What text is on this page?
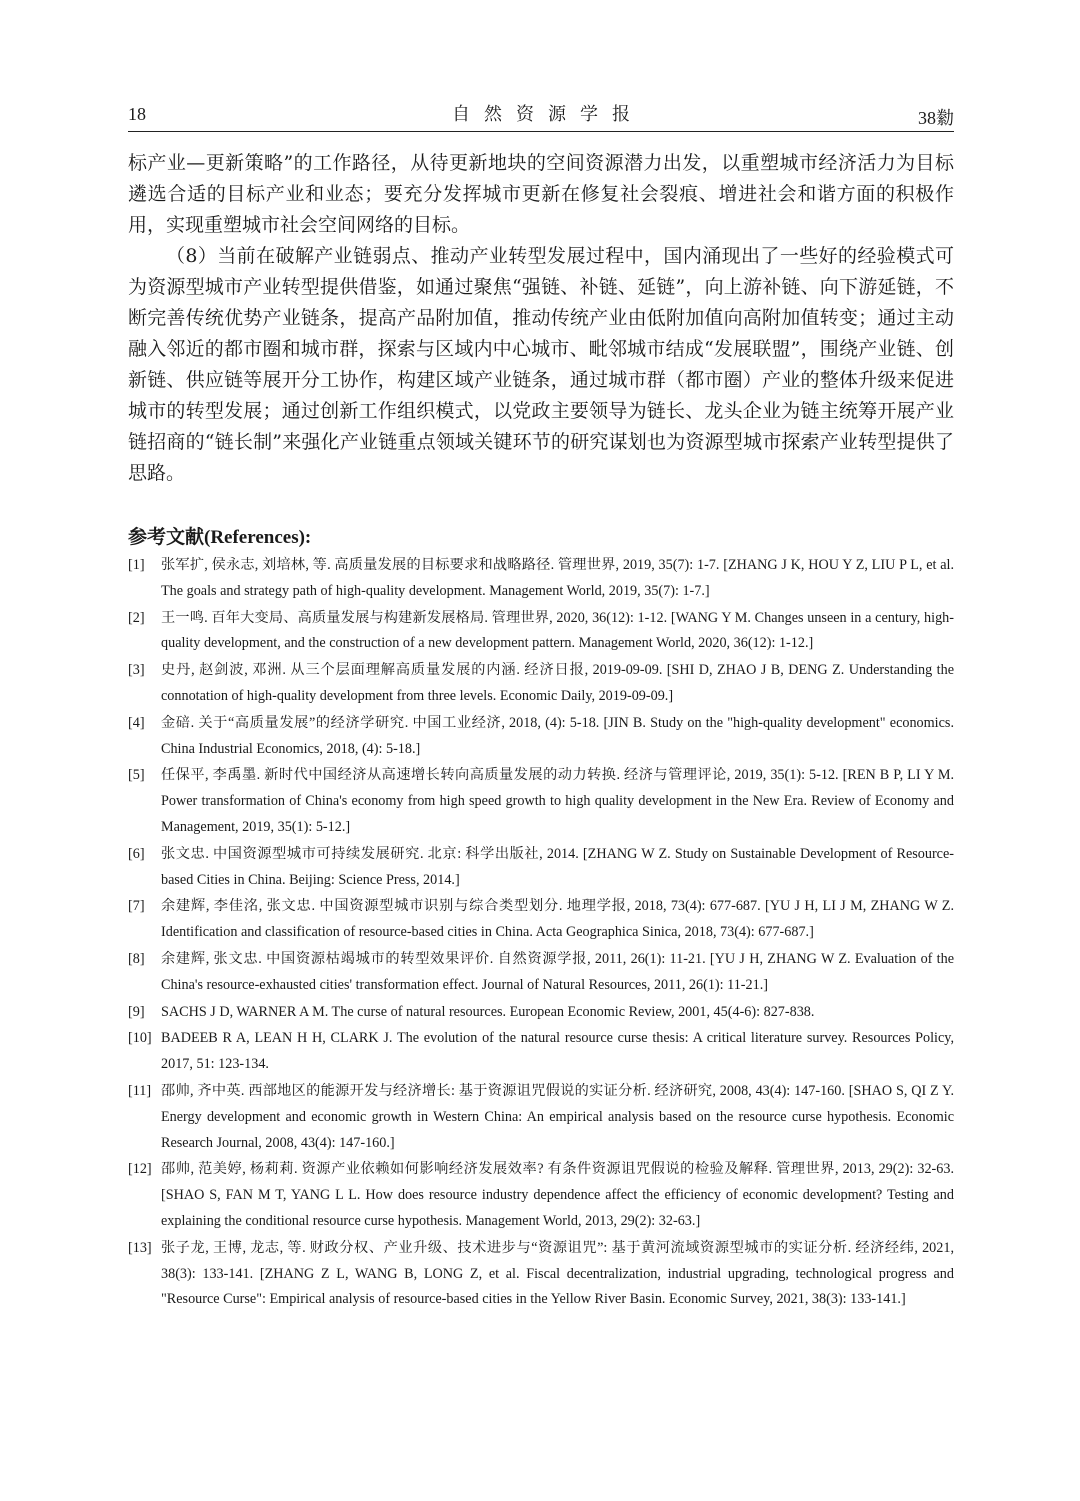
18	自然资源学报	38勬

标产业—更新策略”的工作路径，从待更新地块的空间资源潜力出发，以重塑城市经济活力为目标遴选合适的目标产业和业态；要充分发挥城市更新在修复社会裂痕、增进社会和谐方面的积极作用，实现重塑城市社会空间网络的目标。

（8）当前在破解产业链弱点、推动产业转型发展过程中，国内涌现出了一些好的经验模式可为资源型城市产业转型提供借鉴，如通过聚焦“强链、补链、延链”，向上游补链、向下游延链，不断完善传统优势产业链条，提高产品附加值，推动传统产业由低附加值向高附加值转变；通过主动融入邻近的都市圈和城市群，探索与区域内中心城市、毗邻城市结成“发展联盟”，围绕产业链、创新链、供应链等展开分工协作，构建区域产业链条，通过城市群（都市圈）产业的整体升级来促进城市的转型发展；通过创新工作组织模式，以党政主要领导为链长、龙头企业为链主统筹开展产业链招商的“链长制”来强化产业链重点领域关键环节的研究谋划也为资源型城市探索产业转型提供了思路。

参考文献(References):
[1] 张军扩, 侯永志, 刘培林, 等. 高质量发展的目标要求和战略路径. 管理世界, 2019, 35(7): 1-7. [ZHANG J K, HOU Y Z, LIU P L, et al. The goals and strategy path of high-quality development. Management World, 2019, 35(7): 1-7.]
[2] 王一鸣. 百年大变局、高质量发展与构建新发展格局. 管理世界, 2020, 36(12): 1-12. [WANG Y M. Changes unseen in a century, high-quality development, and the construction of a new development pattern. Management World, 2020, 36(12): 1-12.]
[3] 史丹, 赵剑波, 邓洲. 从三个层面理解高质量发展的内涵. 经济日报, 2019-09-09. [SHI D, ZHAO J B, DENG Z. Understanding the connotation of high-quality development from three levels. Economic Daily, 2019-09-09.]
[4] 金碚. 关于“高质量发展”的经济学研究. 中国工业经济, 2018, (4): 5-18. [JIN B. Study on the "high-quality development" economics. China Industrial Economics, 2018, (4): 5-18.]
[5] 任保平, 李禹墨. 新时代中国经济从高速增长转向高质量发展的动力转换. 经济与管理评论, 2019, 35(1): 5-12. [REN B P, LI Y M. Power transformation of China's economy from high speed growth to high quality development in the New Era. Review of Economy and Management, 2019, 35(1): 5-12.]
[6] 张文忠. 中国资源型城市可持续发展研究. 北京: 科学出版社, 2014. [ZHANG W Z. Study on Sustainable Development of Resource-based Cities in China. Beijing: Science Press, 2014.]
[7] 余建辉, 李佳洺, 张文忠. 中国资源型城市识别与综合类型划分. 地理学报, 2018, 73(4): 677-687. [YU J H, LI J M, ZHANG W Z. Identification and classification of resource-based cities in China. Acta Geographica Sinica, 2018, 73(4): 677-687.]
[8] 余建辉, 张文忠. 中国资源枯竭城市的转型效果评价. 自然资源学报, 2011, 26(1): 11-21. [YU J H, ZHANG W Z. Evaluation of the China's resource-exhausted cities' transformation effect. Journal of Natural Resources, 2011, 26(1): 11-21.]
[9] SACHS J D, WARNER A M. The curse of natural resources. European Economic Review, 2001, 45(4-6): 827-838.
[10] BADEEB R A, LEAN H H, CLARK J. The evolution of the natural resource curse thesis: A critical literature survey. Resources Policy, 2017, 51: 123-134.
[11] 邵帅, 齐中英. 西部地区的能源开发与经济增长: 基于资源诅咒假说的实证分析. 经济研究, 2008, 43(4): 147-160. [SHAO S, QI Z Y. Energy development and economic growth in Western China: An empirical analysis based on the resource curse hypothesis. Economic Research Journal, 2008, 43(4): 147-160.]
[12] 邵帅, 范美婷, 杨莉莉. 资源产业依赖如何影响经济发展效率? 有条件资源诅咒假说的检验及解释. 管理世界, 2013, 29(2): 32-63. [SHAO S, FAN M T, YANG L L. How does resource industry dependence affect the efficiency of economic development? Testing and explaining the conditional resource curse hypothesis. Management World, 2013, 29(2): 32-63.]
[13] 张子龙, 王博, 龙志, 等. 财政分权、产业升级、技术进步与“资源诅咒”: 基于黄河流域资源型城市的实证分析. 经济经纬, 2021, 38(3): 133-141. [ZHANG Z L, WANG B, LONG Z, et al. Fiscal decentralization, industrial upgrading, technological progress and "Resource Curse": Empirical analysis of resource-based cities in the Yellow River Basin. Economic Survey, 2021, 38(3): 133-141.]
